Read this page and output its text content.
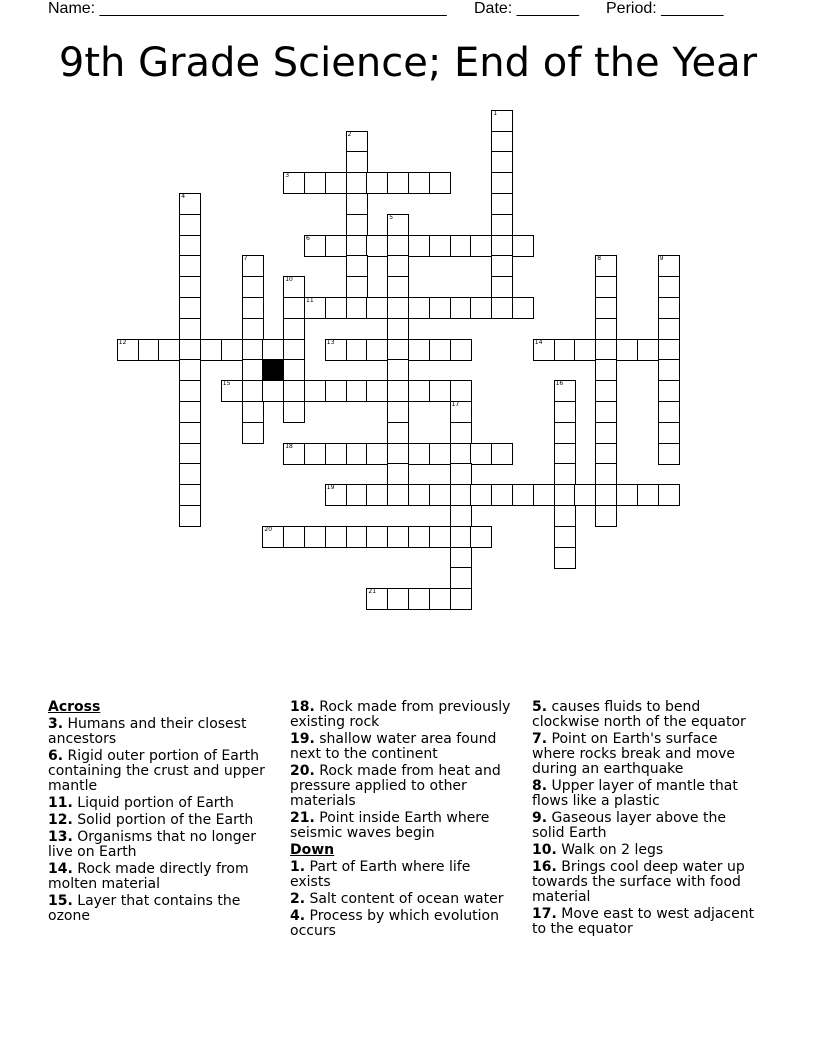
Name: _______________________________________ Date: _______ Period: _______
9th Grade Science; End of the Year
3
6
11
12	13	14
15
18
19
20
21
1
2
4
5
7	8	9
10
16
17
Across
3. Humans and their closest ancestors
6. Rigid outer portion of Earth containing the crust and upper mantle
11. Liquid portion of Earth
12. Solid portion of the Earth
13. Organisms that no longer live on Earth
14. Rock made directly from molten material
15. Layer that contains the ozone
18. Rock made from previously existing rock
19. shallow water area found next to the continent
20. Rock made from heat and pressure applied to other materials
21. Point inside Earth where seismic waves begin
Down
1. Part of Earth where life exists
2. Salt content of ocean water
4. Process by which evolution occurs
5. causes fluids to bend clockwise north of the equator
7. Point on Earth's surface where rocks break and move during an earthquake
8. Upper layer of mantle that flows like a plastic
9. Gaseous layer above the solid Earth
10. Walk on 2 legs
16. Brings cool deep water up towards the surface with food material
17. Move east to west adjacent to the equator
